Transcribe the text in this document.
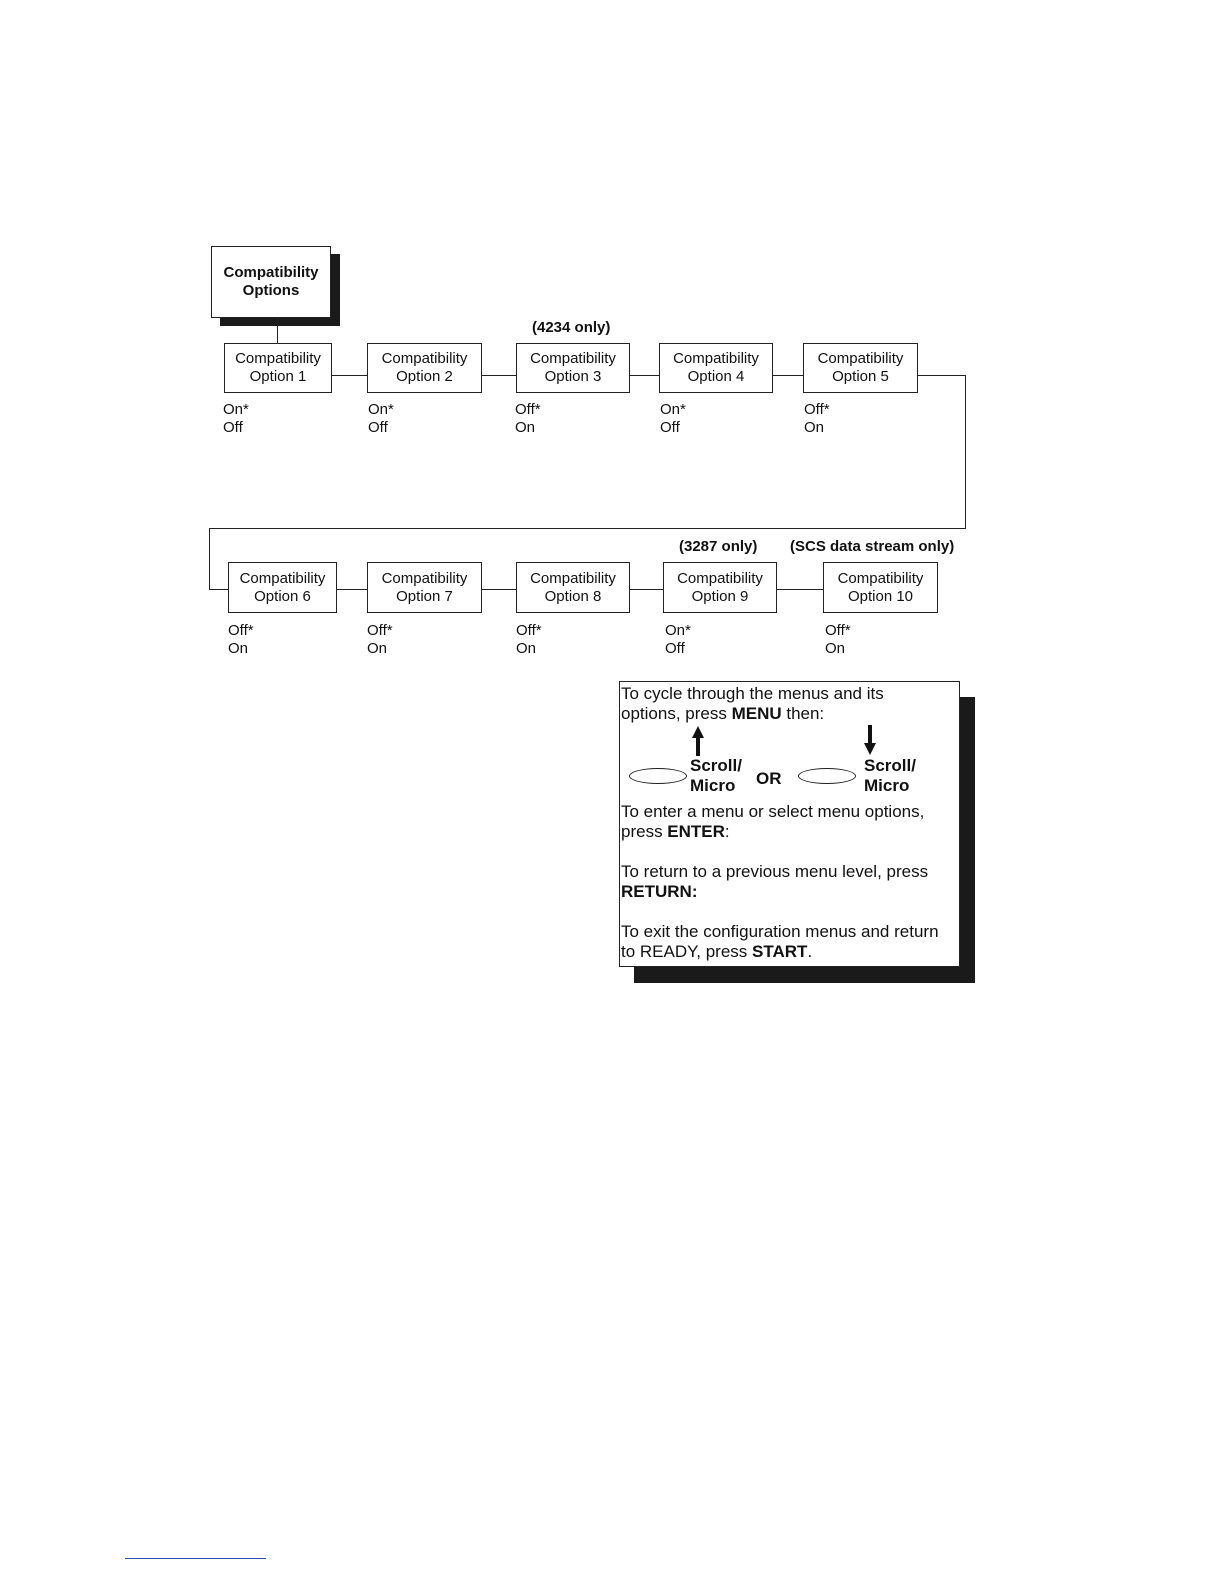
Compatibility
Options
Compatibility
Option 1
Compatibility
Option 2
(4234 only)
Compatibility
Option 3
Compatibility
Option 4
Compatibility
Option 5
On*
Off
On*
Off
Off*
On
On*
Off
Off*
On
(3287 only) (SCS data stream only)
Compatibility
Option 6
Compatibility
Option 7
Compatibility
Option 8
Compatibility
Option 9
Compatibility
Option 10
Off*
On
Off*
On
Off*
On
On*
Off
Off*
On
To cycle through the menus and its
options, press MENU then:
Scroll/
Micro	OR
Scroll/
Micro
To enter a menu or select menu options,
press ENTER:
To return to a previous menu level, press
RETURN:
To exit the configuration menus and return
to READY, press START.
